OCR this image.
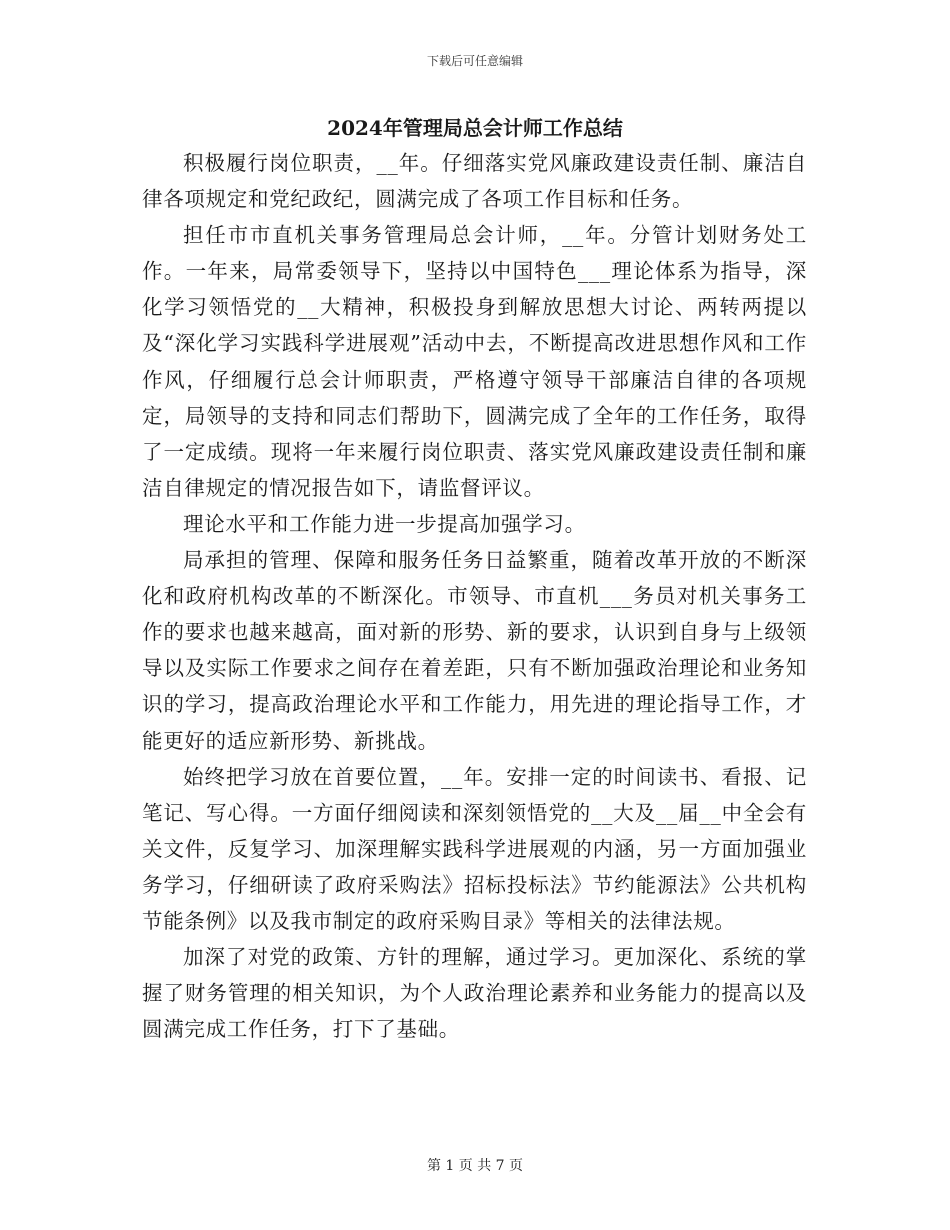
下载后可任意编辑
2024年管理局总会计师工作总结

积极履行岗位职责，__年。仔细落实党风廉政建设责任制、廉洁自律各项规定和党纪政纪，圆满完成了各项工作目标和任务。

担任市市直机关事务管理局总会计师，__年。分管计划财务处工作。一年来，局常委领导下，坚持以中国特色___理论体系为指导，深化学习领悟党的__大精神，积极投身到解放思想大讨论、两转两提以及“深化学习实践科学进展观”活动中去，不断提高改进思想作风和工作作风，仔细履行总会计师职责，严格遵守领导干部廉洁自律的各项规定，局领导的支持和同志们帮助下，圆满完成了全年的工作任务，取得了一定成绩。现将一年来履行岗位职责、落实党风廉政建设责任制和廉洁自律规定的情况报告如下，请监督评议。

理论水平和工作能力进一步提高加强学习。

局承担的管理、保障和服务任务日益繁重，随着改革开放的不断深化和政府机构改革的不断深化。市领导、市直机___务员对机关事务工作的要求也越来越高，面对新的形势、新的要求，认识到自身与上级领导以及实际工作要求之间存在着差距，只有不断加强政治理论和业务知识的学习，提高政治理论水平和工作能力，用先进的理论指导工作，才能更好的适应新形势、新挑战。

始终把学习放在首要位置，__年。安排一定的时间读书、看报、记笔记、写心得。一方面仔细阅读和深刻领悟党的__大及__届__中全会有关文件，反复学习、加深理解实践科学进展观的内涵，另一方面加强业务学习，仔细研读了政府采购法》招标投标法》节约能源法》公共机构节能条例》以及我市制定的政府采购目录》等相关的法律法规。

加深了对党的政策、方针的理解，通过学习。更加深化、系统的掌握了财务管理的相关知识，为个人政治理论素养和业务能力的提高以及圆满完成工作任务，打下了基础。

第 1 页 共 7 页
